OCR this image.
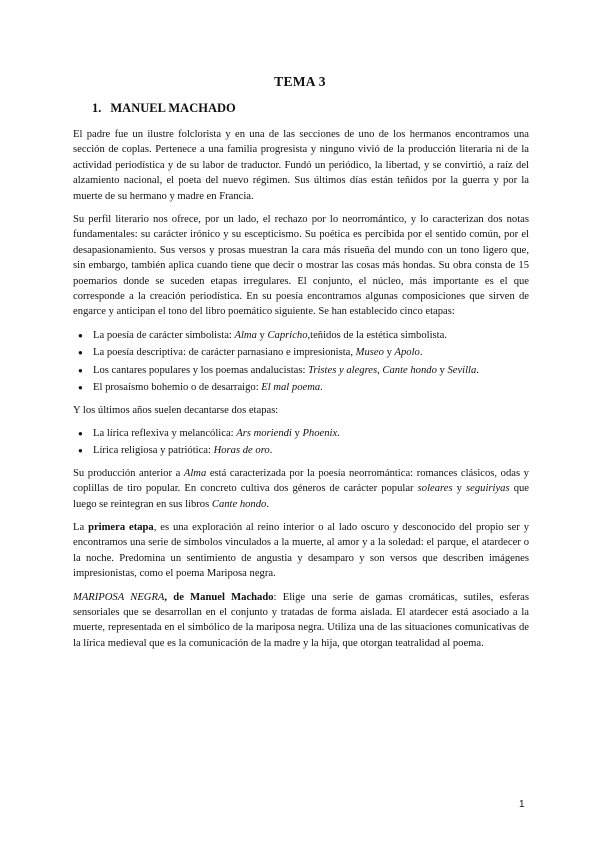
TEMA 3
1. MANUEL MACHADO

El padre fue un ilustre folclorista y en una de las secciones de uno de los hermanos encontramos una sección de coplas. Pertenece a una familia progresista y ninguno vivió de la producción literaria ni de la actividad periodística y de su labor de traductor. Fundó un periódico, la libertad, y se convirtió, a raíz del alzamiento nacional, el poeta del nuevo régimen. Sus últimos días están teñidos por la guerra y por la muerte de su hermano y madre en Francia.

Su perfil literario nos ofrece, por un lado, el rechazo por lo neorromántico, y lo caracterizan dos notas fundamentales: su carácter irónico y su escepticismo. Su poética es percibida por el sentido común, por el desapasionamiento. Sus versos y prosas muestran la cara más risueña del mundo con un tono ligero que, sin embargo, también aplica cuando tiene que decir o mostrar las cosas más hondas. Su obra consta de 15 poemarios donde se suceden etapas irregulares. El conjunto, el núcleo, más importante es el que corresponde a la creación periodística. En su poesía encontramos algunas composiciones que sirven de engarce y anticipan el tono del libro poemático siguiente. Se han establecido cinco etapas:

● La poesía de carácter simbolista: Alma y Capricho,teñidos de la estética simbolista.
● La poesía descriptiva: de carácter parnasiano e impresionista, Museo y Apolo.
● Los cantares populares y los poemas andalucistas: Tristes y alegres, Cante hondo y Sevilla.
● El prosaísmo bohemio o de desarraigo: El mal poema.

Y los últimos años suelen decantarse dos etapas:

● La lírica reflexiva y melancólica: Ars moriendi y Phoenix.
● Lírica religiosa y patriótica: Horas de oro.

Su producción anterior a Alma está caracterizada por la poesía neorromántica: romances clásicos, odas y coplillas de tiro popular. En concreto cultiva dos géneros de carácter popular soleares y seguiriyas que luego se reintegran en sus libros Cante hondo.

La primera etapa, es una exploración al reino interior o al lado oscuro y desconocido del propio ser y encontramos una serie de símbolos vinculados a la muerte, al amor y a la soledad: el parque, el atardecer o la noche. Predomina un sentimiento de angustia y desamparo y son versos que describen imágenes impresionistas, como el poema Mariposa negra.

MARIPOSA NEGRA, de Manuel Machado: Elige una serie de gamas cromáticas, sutiles, esferas sensoriales que se desarrollan en el conjunto y tratadas de forma aislada. El atardecer está asociado a la muerte, representada en el simbólico de la mariposa negra. Utiliza una de las situaciones comunicativas de la lírica medieval que es la comunicación de la madre y la hija, que otorgan teatralidad al poema.

1
